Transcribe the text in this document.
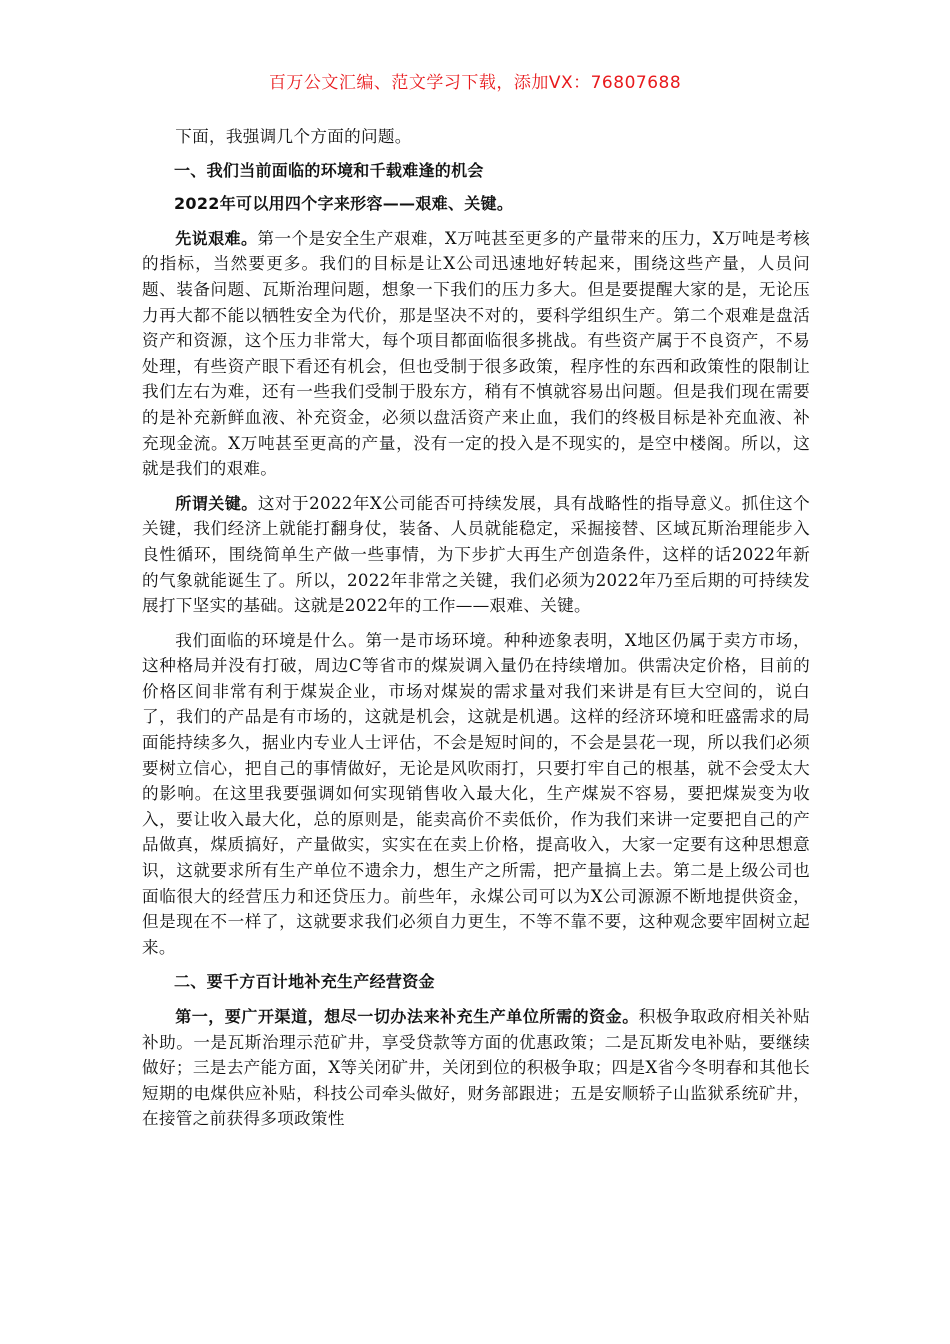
百万公文汇编、范文学习下载，添加VX：76807688

下面，我强调几个方面的问题。

一、我们当前面临的环境和千载难逢的机会

2022年可以用四个字来形容——艰难、关键。

先说艰难。第一个是安全生产艰难，X万吨甚至更多的产量带来的压力，X万吨是考核的指标，当然要更多。我们的目标是让X公司迅速地好转起来，围绕这些产量，人员问题、装备问题、瓦斯治理问题，想象一下我们的压力多大。但是要提醒大家的是，无论压力再大都不能以牺牲安全为代价，那是坚决不对的，要科学组织生产。第二个艰难是盘活资产和资源，这个压力非常大，每个项目都面临很多挑战。有些资产属于不良资产，不易处理，有些资产眼下看还有机会，但也受制于很多政策，程序性的东西和政策性的限制让我们左右为难，还有一些我们受制于股东方，稍有不慎就容易出问题。但是我们现在需要的是补充新鲜血液、补充资金，必须以盘活资产来止血，我们的终极目标是补充血液、补充现金流。X万吨甚至更高的产量，没有一定的投入是不现实的，是空中楼阁。所以，这就是我们的艰难。

所谓关键。这对于2022年X公司能否可持续发展，具有战略性的指导意义。抓住这个关键，我们经济上就能打翻身仗，装备、人员就能稳定，采掘接替、区域瓦斯治理能步入良性循环，围绕简单生产做一些事情，为下步扩大再生产创造条件，这样的话2022年新的气象就能诞生了。所以，2022年非常之关键，我们必须为2022年乃至后期的可持续发展打下坚实的基础。这就是2022年的工作——艰难、关键。

我们面临的环境是什么。第一是市场环境。种种迹象表明，X地区仍属于卖方市场，这种格局并没有打破，周边C等省市的煤炭调入量仍在持续增加。供需决定价格，目前的价格区间非常有利于煤炭企业，市场对煤炭的需求量对我们来讲是有巨大空间的，说白了，我们的产品是有市场的，这就是机会，这就是机遇。这样的经济环境和旺盛需求的局面能持续多久，据业内专业人士评估，不会是短时间的，不会是昙花一现，所以我们必须要树立信心，把自己的事情做好，无论是风吹雨打，只要打牢自己的根基，就不会受太大的影响。在这里我要强调如何实现销售收入最大化，生产煤炭不容易，要把煤炭变为收入，要让收入最大化，总的原则是，能卖高价不卖低价，作为我们来讲一定要把自己的产品做真，煤质搞好，产量做实，实实在在卖上价格，提高收入，大家一定要有这种思想意识，这就要求所有生产单位不遗余力，想生产之所需，把产量搞上去。第二是上级公司也面临很大的经营压力和还贷压力。前些年，永煤公司可以为X公司源源不断地提供资金，但是现在不一样了，这就要求我们必须自力更生，不等不靠不要，这种观念要牢固树立起来。

二、要千方百计地补充生产经营资金

第一，要广开渠道，想尽一切办法来补充生产单位所需的资金。积极争取政府相关补贴补助。一是瓦斯治理示范矿井，享受贷款等方面的优惠政策；二是瓦斯发电补贴，要继续做好；三是去产能方面，X等关闭矿井，关闭到位的积极争取；四是X省今冬明春和其他长短期的电煤供应补贴，科技公司牵头做好，财务部跟进；五是安顺轿子山监狱系统矿井，在接管之前获得多项政策性
